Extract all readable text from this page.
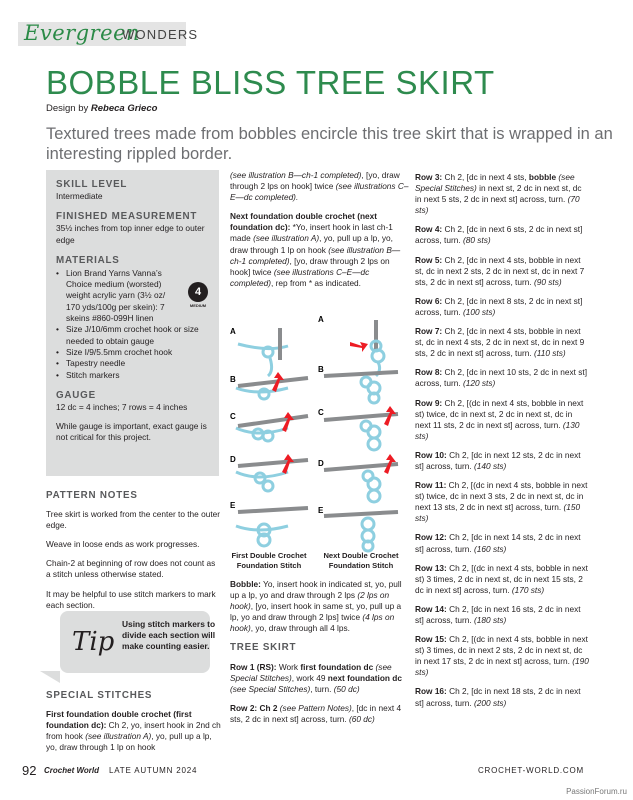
Evergreen
WONDERS
BOBBLE BLISS TREE SKIRT
Design by Rebeca Grieco

Textured trees made from bobbles encircle this tree skirt that is wrapped in an interesting rippled border.

SKILL LEVEL

Intermediate

FINISHED MEASUREMENT

35½ inches from top inner edge to outer edge

MATERIALS

• Lion Brand Yarns Vanna’s Choice medium (worsted) weight acrylic yarn (3½ oz/ 170 yds/100g per skein): 7 skeins #860-099H linen
• Size J/10/6mm crochet hook or size needed to obtain gauge
• Size I/9/5.5mm crochet hook
• Tapestry needle
• Stitch markers

GAUGE

12 dc = 4 inches; 7 rows = 4 inches

While gauge is important, exact gauge is not critical for this project.

4
MEDIUM

PATTERN NOTES

Tree skirt is worked from the center to the outer edge.

Weave in loose ends as work progresses.

Chain-2 at beginning of row does not count as a stitch unless otherwise stated.

It may be helpful to use stitch markers to mark each section.

Tip
Using stitch markers to divide each section will make counting easier.

SPECIAL STITCHES

First foundation double crochet (first foundation dc): Ch 2, yo, insert hook in 2nd ch from hook (see illustration A), yo, pull up a lp, yo, draw through 1 lp on hook

(see illustration B—ch-1 completed), [yo, draw through 2 lps on hook] twice (see illustrations C–E—dc completed).

Next foundation double crochet (next foundation dc): *Yo, insert hook in last ch-1 made (see illustration A), yo, pull up a lp, yo, draw through 1 lp on hook (see illustration B—ch-1 completed), [yo, draw through 2 lps on hook] twice (see illustrations C–E—dc completed), rep from * as indicated.

A
B
C
D
E
A
B
C
D
E
First Double Crochet Foundation Stitch
Next Double Crochet Foundation Stitch

Bobble: Yo, insert hook in indicated st, yo, pull up a lp, yo and draw through 2 lps (2 lps on hook), [yo, insert hook in same st, yo, pull up a lp, yo and draw through 2 lps] twice (4 lps on hook), yo, draw through all 4 lps.

TREE SKIRT

Row 1 (RS): Work first foundation dc (see Special Stitches), work 49 next foundation dc (see Special Stitches), turn. (50 dc)

Row 2: Ch 2 (see Pattern Notes), [dc in next 4 sts, 2 dc in next st] across, turn. (60 dc)

Row 3: Ch 2, [dc in next 4 sts, bobble (see Special Stitches) in next st, 2 dc in next st, dc in next 5 sts, 2 dc in next st] across, turn. (70 sts)

Row 4: Ch 2, [dc in next 6 sts, 2 dc in next st] across, turn. (80 sts)

Row 5: Ch 2, [dc in next 4 sts, bobble in next st, dc in next 2 sts, 2 dc in next st, dc in next 7 sts, 2 dc in next st] across, turn. (90 sts)

Row 6: Ch 2, [dc in next 8 sts, 2 dc in next st] across, turn. (100 sts)

Row 7: Ch 2, [dc in next 4 sts, bobble in next st, dc in next 4 sts, 2 dc in next st, dc in next 9 sts, 2 dc in next st] across, turn. (110 sts)

Row 8: Ch 2, [dc in next 10 sts, 2 dc in next st] across, turn. (120 sts)

Row 9: Ch 2, [(dc in next 4 sts, bobble in next st) twice, dc in next st, 2 dc in next st, dc in next 11 sts, 2 dc in next st] across, turn. (130 sts)

Row 10: Ch 2, [dc in next 12 sts, 2 dc in next st] across, turn. (140 sts)

Row 11: Ch 2, [(dc in next 4 sts, bobble in next st) twice, dc in next 3 sts, 2 dc in next st, dc in next 13 sts, 2 dc in next st] across, turn. (150 sts)

Row 12: Ch 2, [dc in next 14 sts, 2 dc in next st] across, turn. (160 sts)

Row 13: Ch 2, [(dc in next 4 sts, bobble in next st) 3 times, 2 dc in next st, dc in next 15 sts, 2 dc in next st] across, turn. (170 sts)

Row 14: Ch 2, [dc in next 16 sts, 2 dc in next st] across, turn. (180 sts)

Row 15: Ch 2, [(dc in next 4 sts, bobble in next st) 3 times, dc in next 2 sts, 2 dc in next st, dc in next 17 sts, 2 dc in next st] across, turn. (190 sts)

Row 16: Ch 2, [dc in next 18 sts, 2 dc in next st] across, turn. (200 sts)

92 Crochet World LATE AUTUMN 2024	CROCHET-WORLD.COM
PassionForum.ru
